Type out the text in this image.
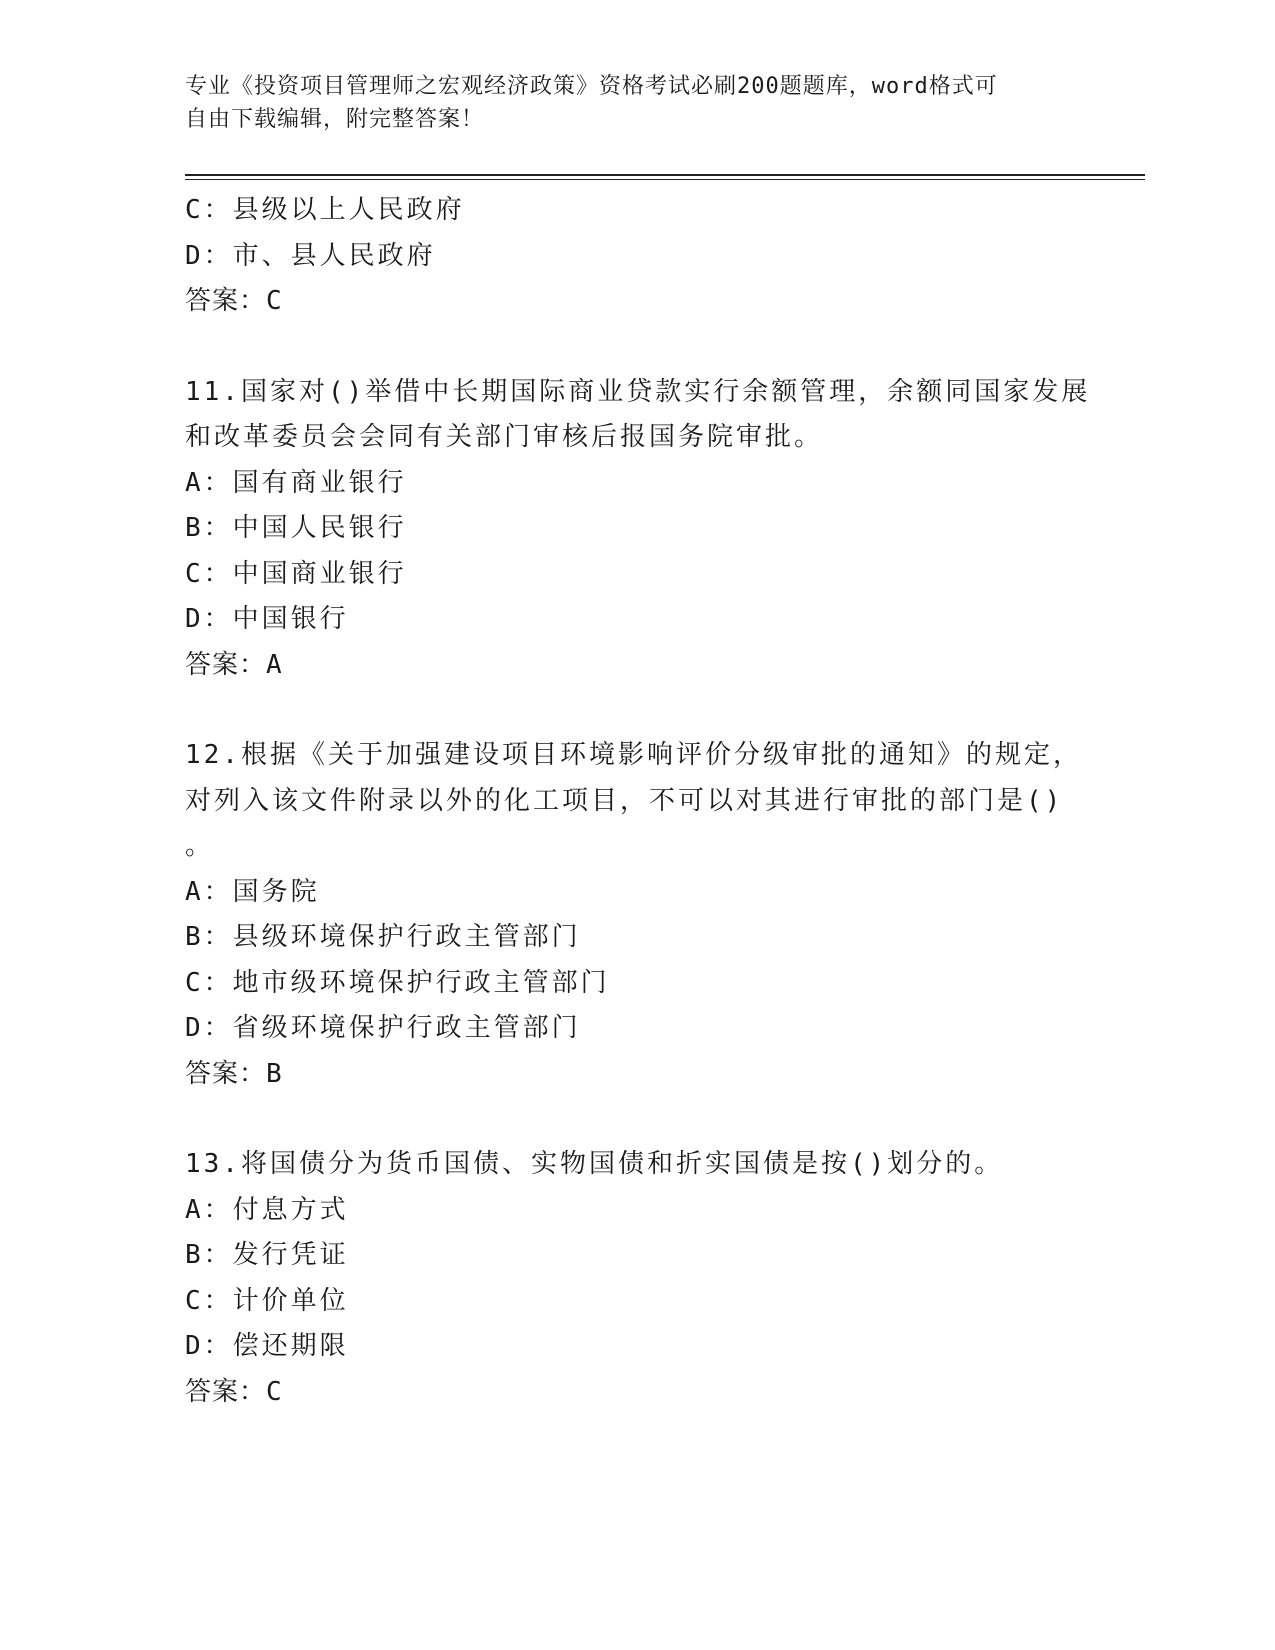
专业《投资项目管理师之宏观经济政策》资格考试必刷200题题库，word格式可
自由下载编辑，附完整答案！
C：县级以上人民政府
D：市、县人民政府
答案：C
11.国家对()举借中长期国际商业贷款实行余额管理，余额同国家发展
和改革委员会会同有关部门审核后报国务院审批。
A：国有商业银行
B：中国人民银行
C：中国商业银行
D：中国银行
答案：A
12.根据《关于加强建设项目环境影响评价分级审批的通知》的规定，
对列入该文件附录以外的化工项目，不可以对其进行审批的部门是()
。
A：国务院
B：县级环境保护行政主管部门
C：地市级环境保护行政主管部门
D：省级环境保护行政主管部门
答案：B
13.将国债分为货币国债、实物国债和折实国债是按()划分的。
A：付息方式
B：发行凭证
C：计价单位
D：偿还期限
答案：C
